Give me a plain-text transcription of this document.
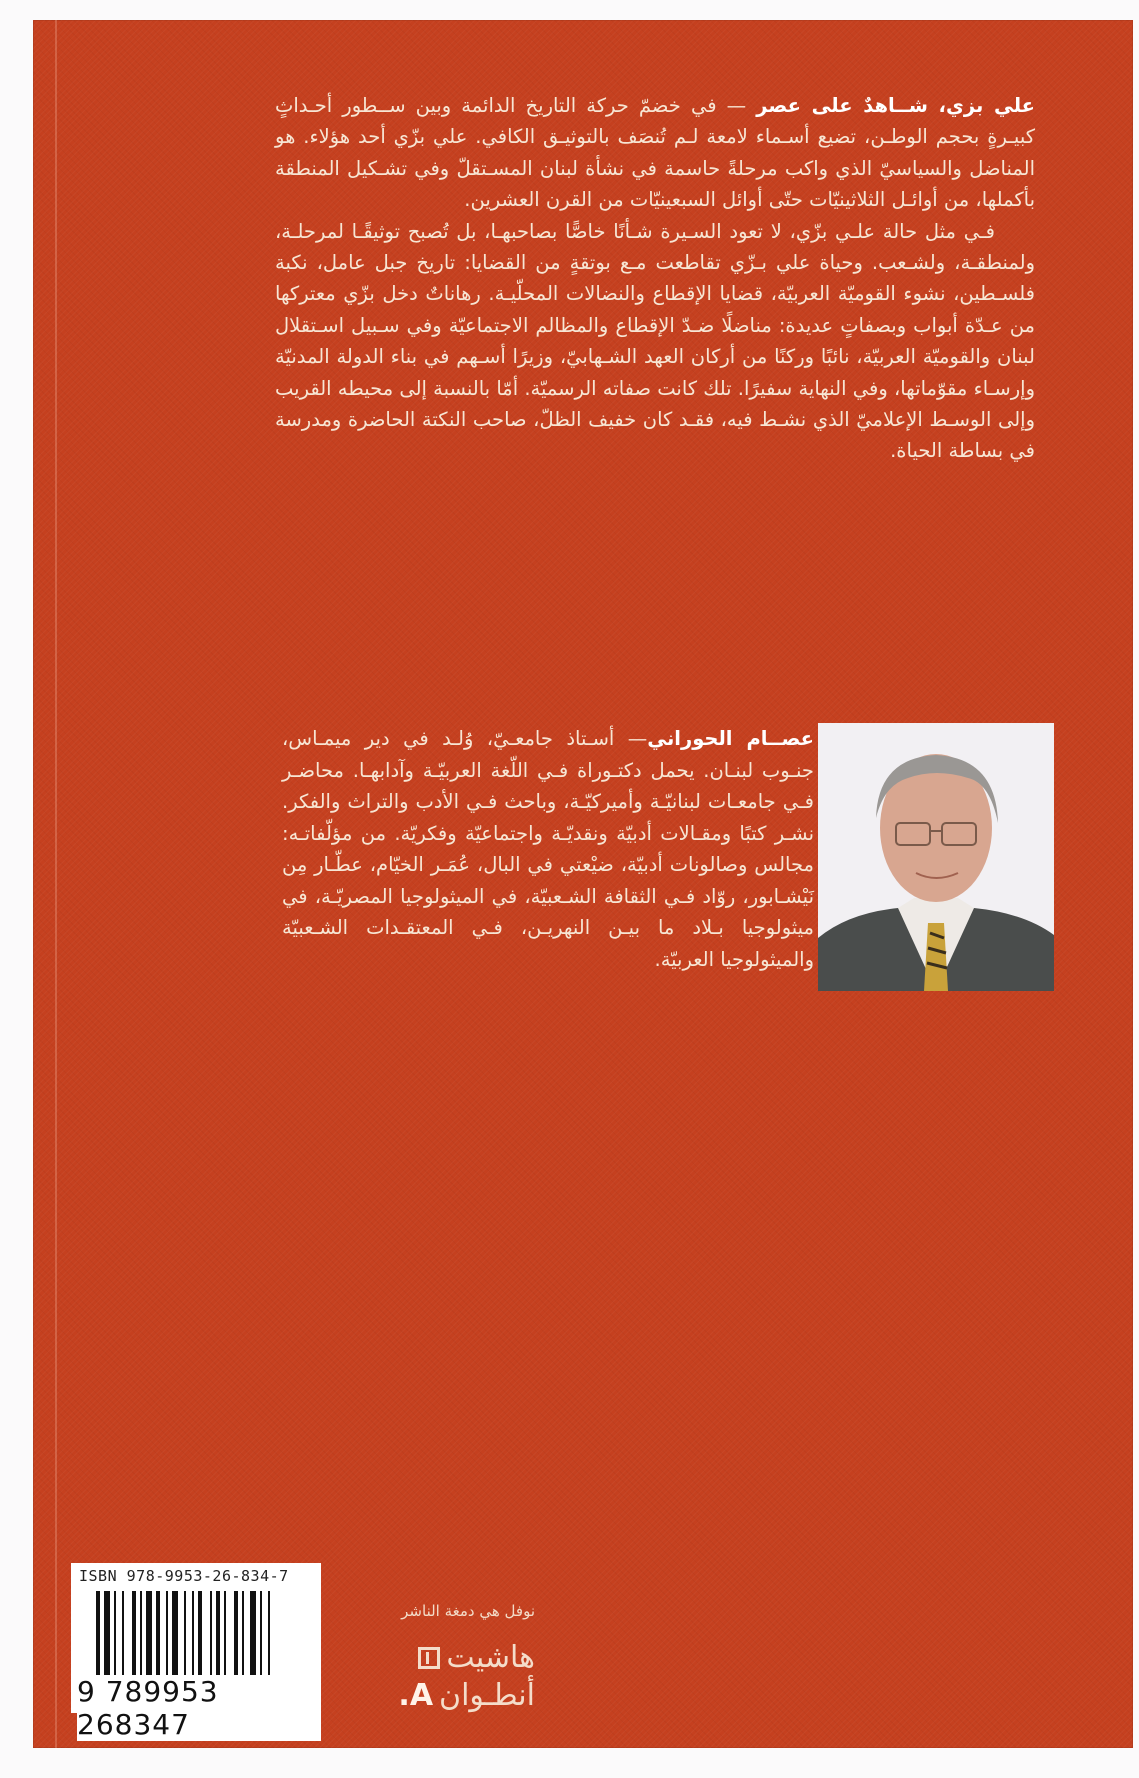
علي بزي، شــاهدٌ على عصر — في خضمّ حركة التاريخ الدائمة وبين ســطور أحـداثٍ كبيـرةٍ بحجم الوطـن، تضيع أسـماء لامعة لـم تُنصَف بالتوثيـق الكافي. علي بزّي أحد هؤلاء. هو المناضل والسياسيّ الذي واكب مرحلةً حاسمة في نشأة لبنان المسـتقلّ وفي تشـكيل المنطقة بأكملها، من أوائـل الثلاثينيّات حتّى أوائل السبعينيّات من القرن العشرين.

فـي مثل حالة علـي بزّي، لا تعود السـيرة شـأنًا خاصًّا بصاحبهـا، بل تُصبح توثيقًـا لمرحلـة، ولمنطقـة، ولشـعب. وحياة علي بـزّي تقاطعت مـع بوتقةٍ من القضايا: تاريخ جبل عامل، نكبة فلسـطين، نشوء القوميّة العربيّة، قضايا الإقطاع والنضالات المحلّيـة. رهاناتٌ دخل بزّي معتركها من عـدّة أبواب وبصفاتٍ عديدة: مناضلًا ضـدّ الإقطاع والمظالم الاجتماعيّة وفي سـبيل اسـتقلال لبنان والقوميّة العربيّة، نائبًا وركنًا من أركان العهد الشـهابيّ، وزيرًا أسـهم في بناء الدولة المدنيّة وإرسـاء مقوّماتها، وفي النهاية سفيرًا. تلك كانت صفاته الرسميّة. أمّا بالنسبة إلى محيطه القريب وإلى الوسـط الإعلاميّ الذي نشـط فيه، فقـد كان خفيف الظلّ، صاحب النكتة الحاضرة ومدرسة في بساطة الحياة.

عصــام الحوراني— أسـتاذ جامعـيّ، وُلـد في دير ميمـاس، جنـوب لبنـان. يحمل دكتـوراة فـي اللّغة العربيّـة وآدابهـا. محاضـر فـي جامعـات لبنانيّـة وأميركيّـة، وباحث فـي الأدب والتراث والفكر. نشـر كتبًا ومقـالات أدبيّة ونقديّـة واجتماعيّة وفكريّة. من مؤلّفاتـه: مجالس وصالونات أدبيّة، ضيْعتي في البال، عُمَـر الخيّام، عطّـار مِن نَيْشـابور، روّاد فـي الثقافة الشـعبيّة، في الميثولوجيا المصريّـة، في ميثولوجيا بـلاد ما بيـن النهريـن، فـي المعتقـدات الشـعبيّة والميثولوجيا العربيّة.

ISBN 978-9953-26-834-7
9 789953 268347
نوفل هي دمغة الناشر
هاشيت
أنطـوان
A.
